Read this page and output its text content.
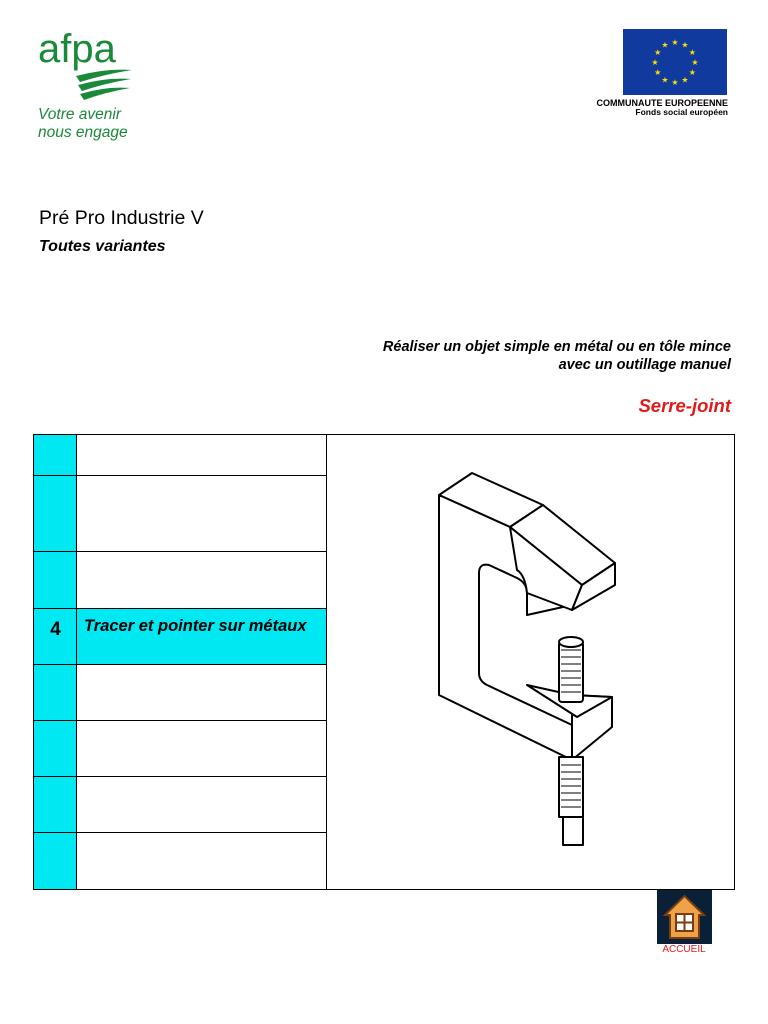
afpa
Votre avenir
nous engage
★ ★
★
★
★
★
★
★
★
★
★
★
COMMUNAUTE EUROPEENNE
Fonds social européen
Pré Pro Industrie V
Toutes variantes
Réaliser un objet simple en métal ou en tôle mince
avec un outillage manuel
Serre-joint
4	Tracer et pointer sur métaux
ACCUEIL
